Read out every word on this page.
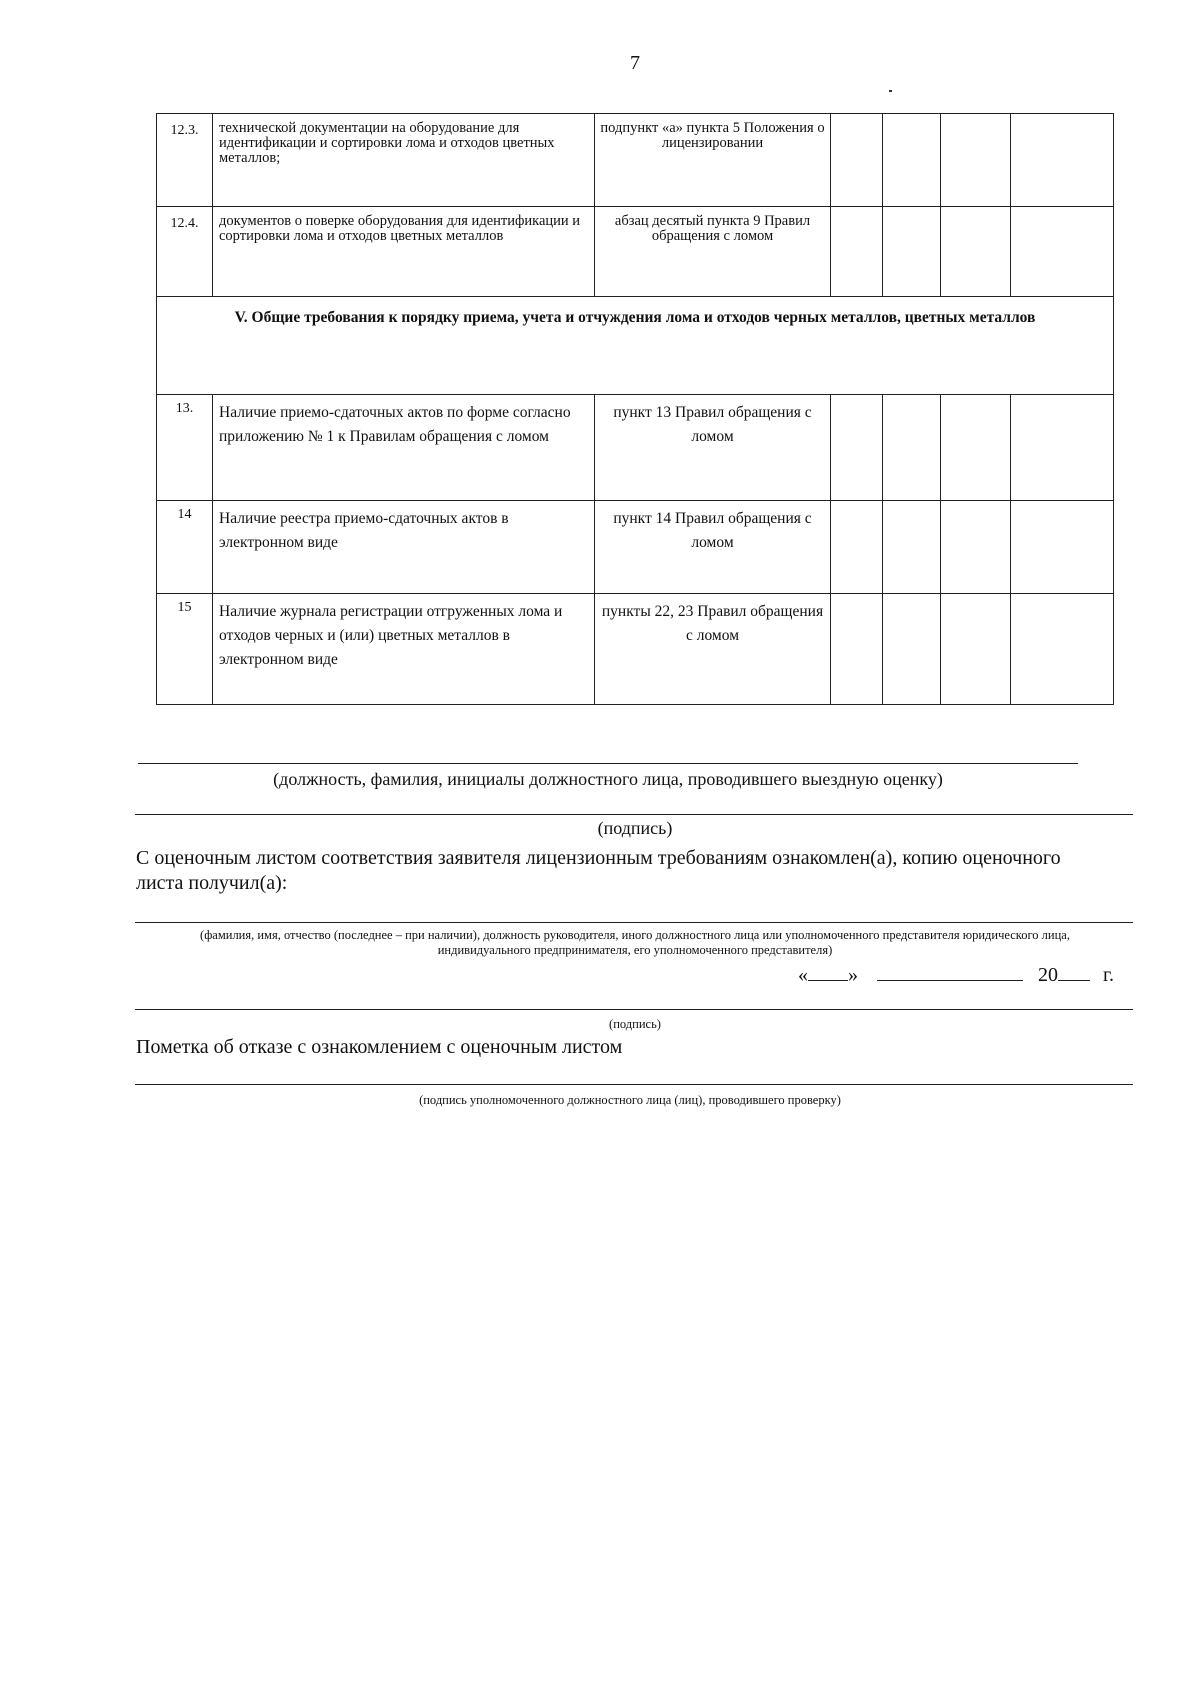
7
12.3.	технической документации на оборудование для идентификации и сортировки лома и отходов цветных металлов;	подпункт «а» пункта 5 Положения о лицензировании				
12.4.	документов о поверке оборудования для идентификации и сортировки лома и отходов цветных металлов	абзац десятый пункта 9 Правил обращения с ломом				
V. Общие требования к порядку приема, учета и отчуждения лома и отходов черных металлов, цветных металлов						
13.	Наличие приемо-сдаточных актов по форме согласно приложению № 1 к Правилам обращения с ломом	пункт 13 Правил обращения с ломом				
14	Наличие реестра приемо-сдаточных актов в электронном виде	пункт 14 Правил обращения с ломом				
15	Наличие журнала регистрации отгруженных лома и отходов черных и (или) цветных металлов в электронном виде	пункты 22, 23 Правил обращения с ломом				
(должность, фамилия, инициалы должностного лица, проводившего выездную оценку)
(подпись)
С оценочным листом соответствия заявителя лицензионным требованиям ознакомлен(а), копию оценочного листа получил(а):
(фамилия, имя, отчество (последнее – при наличии), должность руководителя, иного должностного лица или уполномоченного представителя юридического лица, индивидуального предпринимателя, его уполномоченного представителя)
« »	20 г.
(подпись)
Пометка об отказе с ознакомлением с оценочным листом
(подпись уполномоченного должностного лица (лиц), проводившего проверку)
